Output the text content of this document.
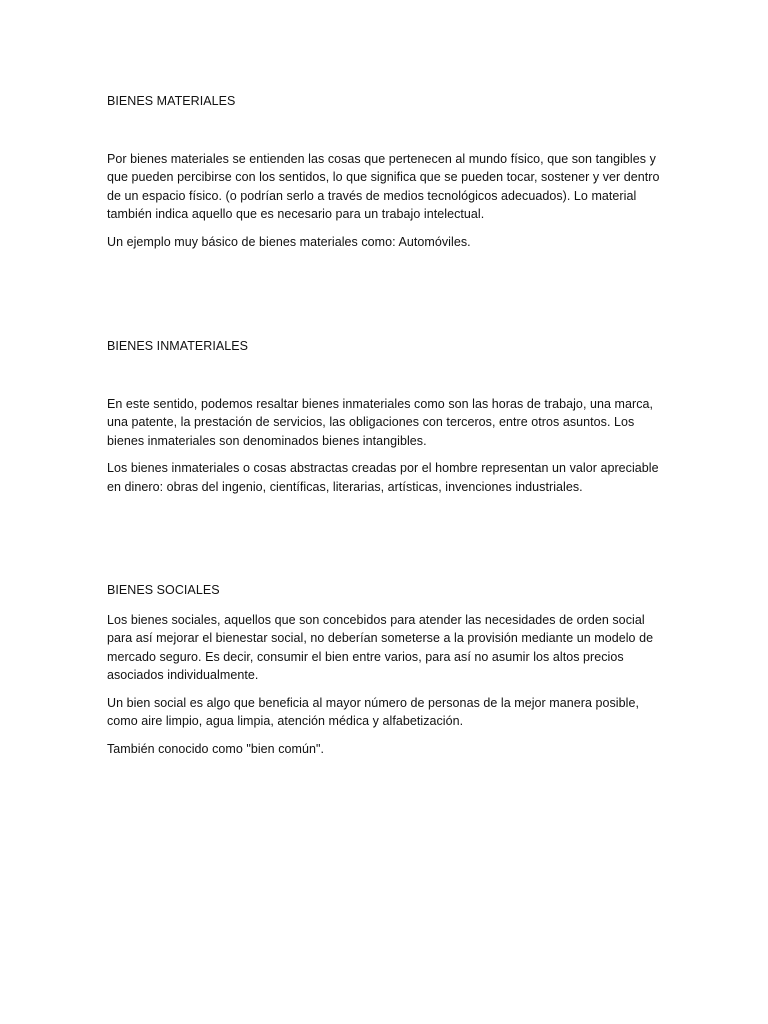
BIENES MATERIALES

Por bienes materiales se entienden las cosas que pertenecen al mundo físico, que son tangibles y que pueden percibirse con los sentidos, lo que significa que se pueden tocar, sostener y ver dentro de un espacio físico. (o podrían serlo a través de medios tecnológicos adecuados). Lo material también indica aquello que es necesario para un trabajo intelectual.

Un ejemplo muy básico de bienes materiales como: Automóviles.

BIENES INMATERIALES

En este sentido, podemos resaltar bienes inmateriales como son las horas de trabajo, una marca, una patente, la prestación de servicios, las obligaciones con terceros, entre otros asuntos. Los bienes inmateriales son denominados bienes intangibles.

Los bienes inmateriales o cosas abstractas creadas por el hombre representan un valor apreciable en dinero: obras del ingenio, científicas, literarias, artísticas, invenciones industriales.

BIENES SOCIALES

Los bienes sociales, aquellos que son concebidos para atender las necesidades de orden social para así mejorar el bienestar social, no deberían someterse a la provisión mediante un modelo de mercado seguro. Es decir, consumir el bien entre varios, para así no asumir los altos precios asociados individualmente.

Un bien social es algo que beneficia al mayor número de personas de la mejor manera posible, como aire limpio, agua limpia, atención médica y alfabetización.

También conocido como "bien común".
